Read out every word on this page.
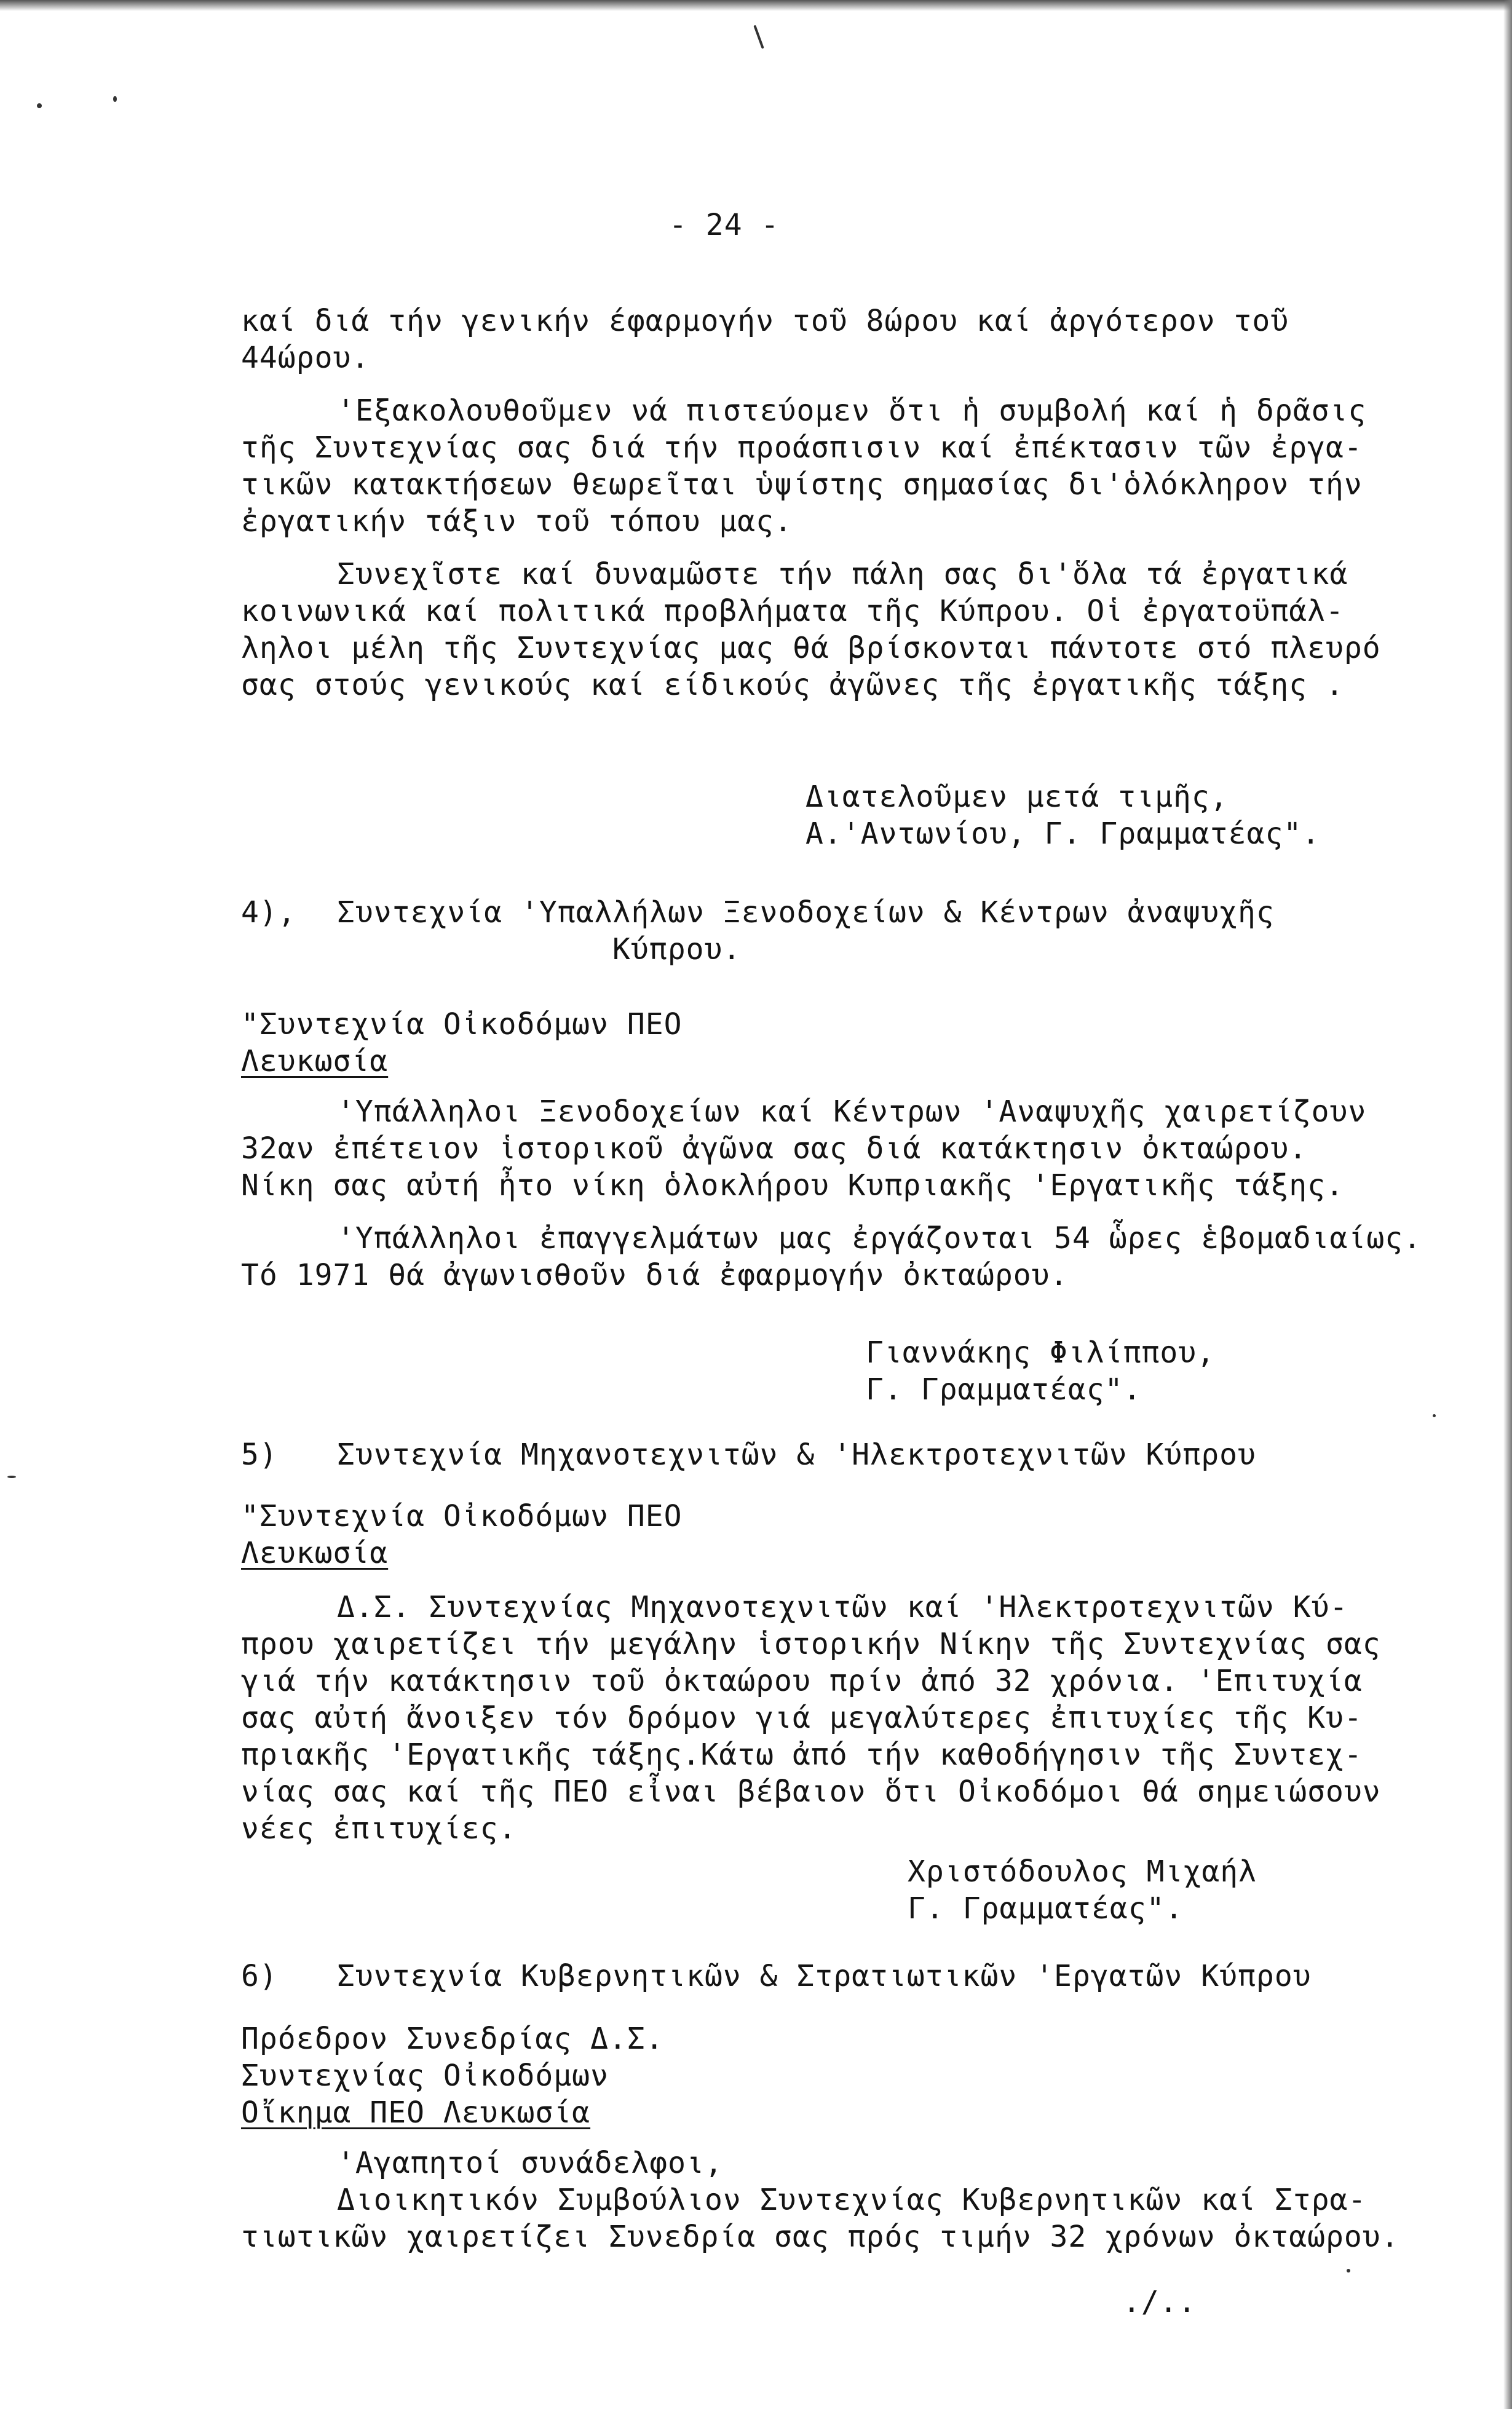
- 24 -
καί διά τήν γενικήν έφαρμογήν τοῦ 8ώρου καί ἀργότερον τοῦ
44ώρου.
'Εξακολουθοῦμεν νά πιστεύομεν ὅτι ἡ συμβολή καί ἡ δρᾶσις
τῆς Συντεχνίας σας διά τήν προάσπισιν καί ἐπέκτασιν τῶν ἐργα-
τικῶν κατακτήσεων θεωρεῖται ὑψίστης σημασίας δι'ὁλόκληρον τήν
ἐργατικήν τάξιν τοῦ τόπου μας.
Συνεχῖστε καί δυναμῶστε τήν πάλη σας δι'ὅλα τά ἐργατικά
κοινωνικά καί πολιτικά προβλήματα τῆς Κύπρου. Οἱ ἐργατοϋπάλ-
ληλοι μέλη τῆς Συντεχνίας μας θά βρίσκονται πάντοτε στό πλευρό
σας στούς γενικούς καί είδικούς ἀγῶνες τῆς ἐργατικῆς τάξης .
Διατελοῦμεν μετά τιμῆς,
Α.'Αντωνίου, Γ. Γραμματέας".
4), Συντεχνία 'Υπαλλήλων Ξενοδοχείων & Κέντρων ἀναψυχῆς
Κύπρου.
"Συντεχνία Οἰκοδόμων ΠΕΟ
Λευκωσία
'Υπάλληλοι Ξενοδοχείων καί Κέντρων 'Αναψυχῆς χαιρετίζουν
32αν ἐπέτειον ἱστορικοῦ ἀγῶνα σας διά κατάκτησιν ὀκταώρου.
Νίκη σας αὐτή ἦτο νίκη ὁλοκλήρου Κυπριακῆς 'Εργατικῆς τάξης.
'Υπάλληλοι ἐπαγγελμάτων μας ἐργάζονται 54 ὧρες ἑβομαδιαίως.
Τό 1971 θά ἀγωνισθοῦν διά ἐφαρμογήν ὀκταώρου.
Γιαννάκης Φιλίππου,
Γ. Γραμματέας".
5) Συντεχνία Μηχανοτεχνιτῶν & 'Ηλεκτροτεχνιτῶν Κύπρου
"Συντεχνία Οἰκοδόμων ΠΕΟ
Λευκωσία
Δ.Σ. Συντεχνίας Μηχανοτεχνιτῶν καί 'Ηλεκτροτεχνιτῶν Κύ-
πρου χαιρετίζει τήν μεγάλην ἱστορικήν Νίκην τῆς Συντεχνίας σας
γιά τήν κατάκτησιν τοῦ ὀκταώρου πρίν ἀπό 32 χρόνια. 'Επιτυχία
σας αὐτή ἄνοιξεν τόν δρόμον γιά μεγαλύτερες ἐπιτυχίες τῆς Κυ-
πριακῆς 'Εργατικῆς τάξης.Κάτω ἀπό τήν καθοδήγησιν τῆς Συντεχ-
νίας σας καί τῆς ΠΕΟ εἶναι βέβαιον ὅτι Οἰκοδόμοι θά σημειώσουν
νέες ἐπιτυχίες.
Χριστόδουλος Μιχαήλ
Γ. Γραμματέας".
6) Συντεχνία Κυβερνητικῶν & Στρατιωτικῶν 'Εργατῶν Κύπρου
Πρόεδρον Συνεδρίας Δ.Σ.
Συντεχνίας Οἰκοδόμων
Οἴκημα ΠΕΟ Λευκωσία
'Αγαπητοί συνάδελφοι,
Διοικητικόν Συμβούλιον Συντεχνίας Κυβερνητικῶν καί Στρα-
τιωτικῶν χαιρετίζει Συνεδρία σας πρός τιμήν 32 χρόνων ὀκταώρου.
./..
